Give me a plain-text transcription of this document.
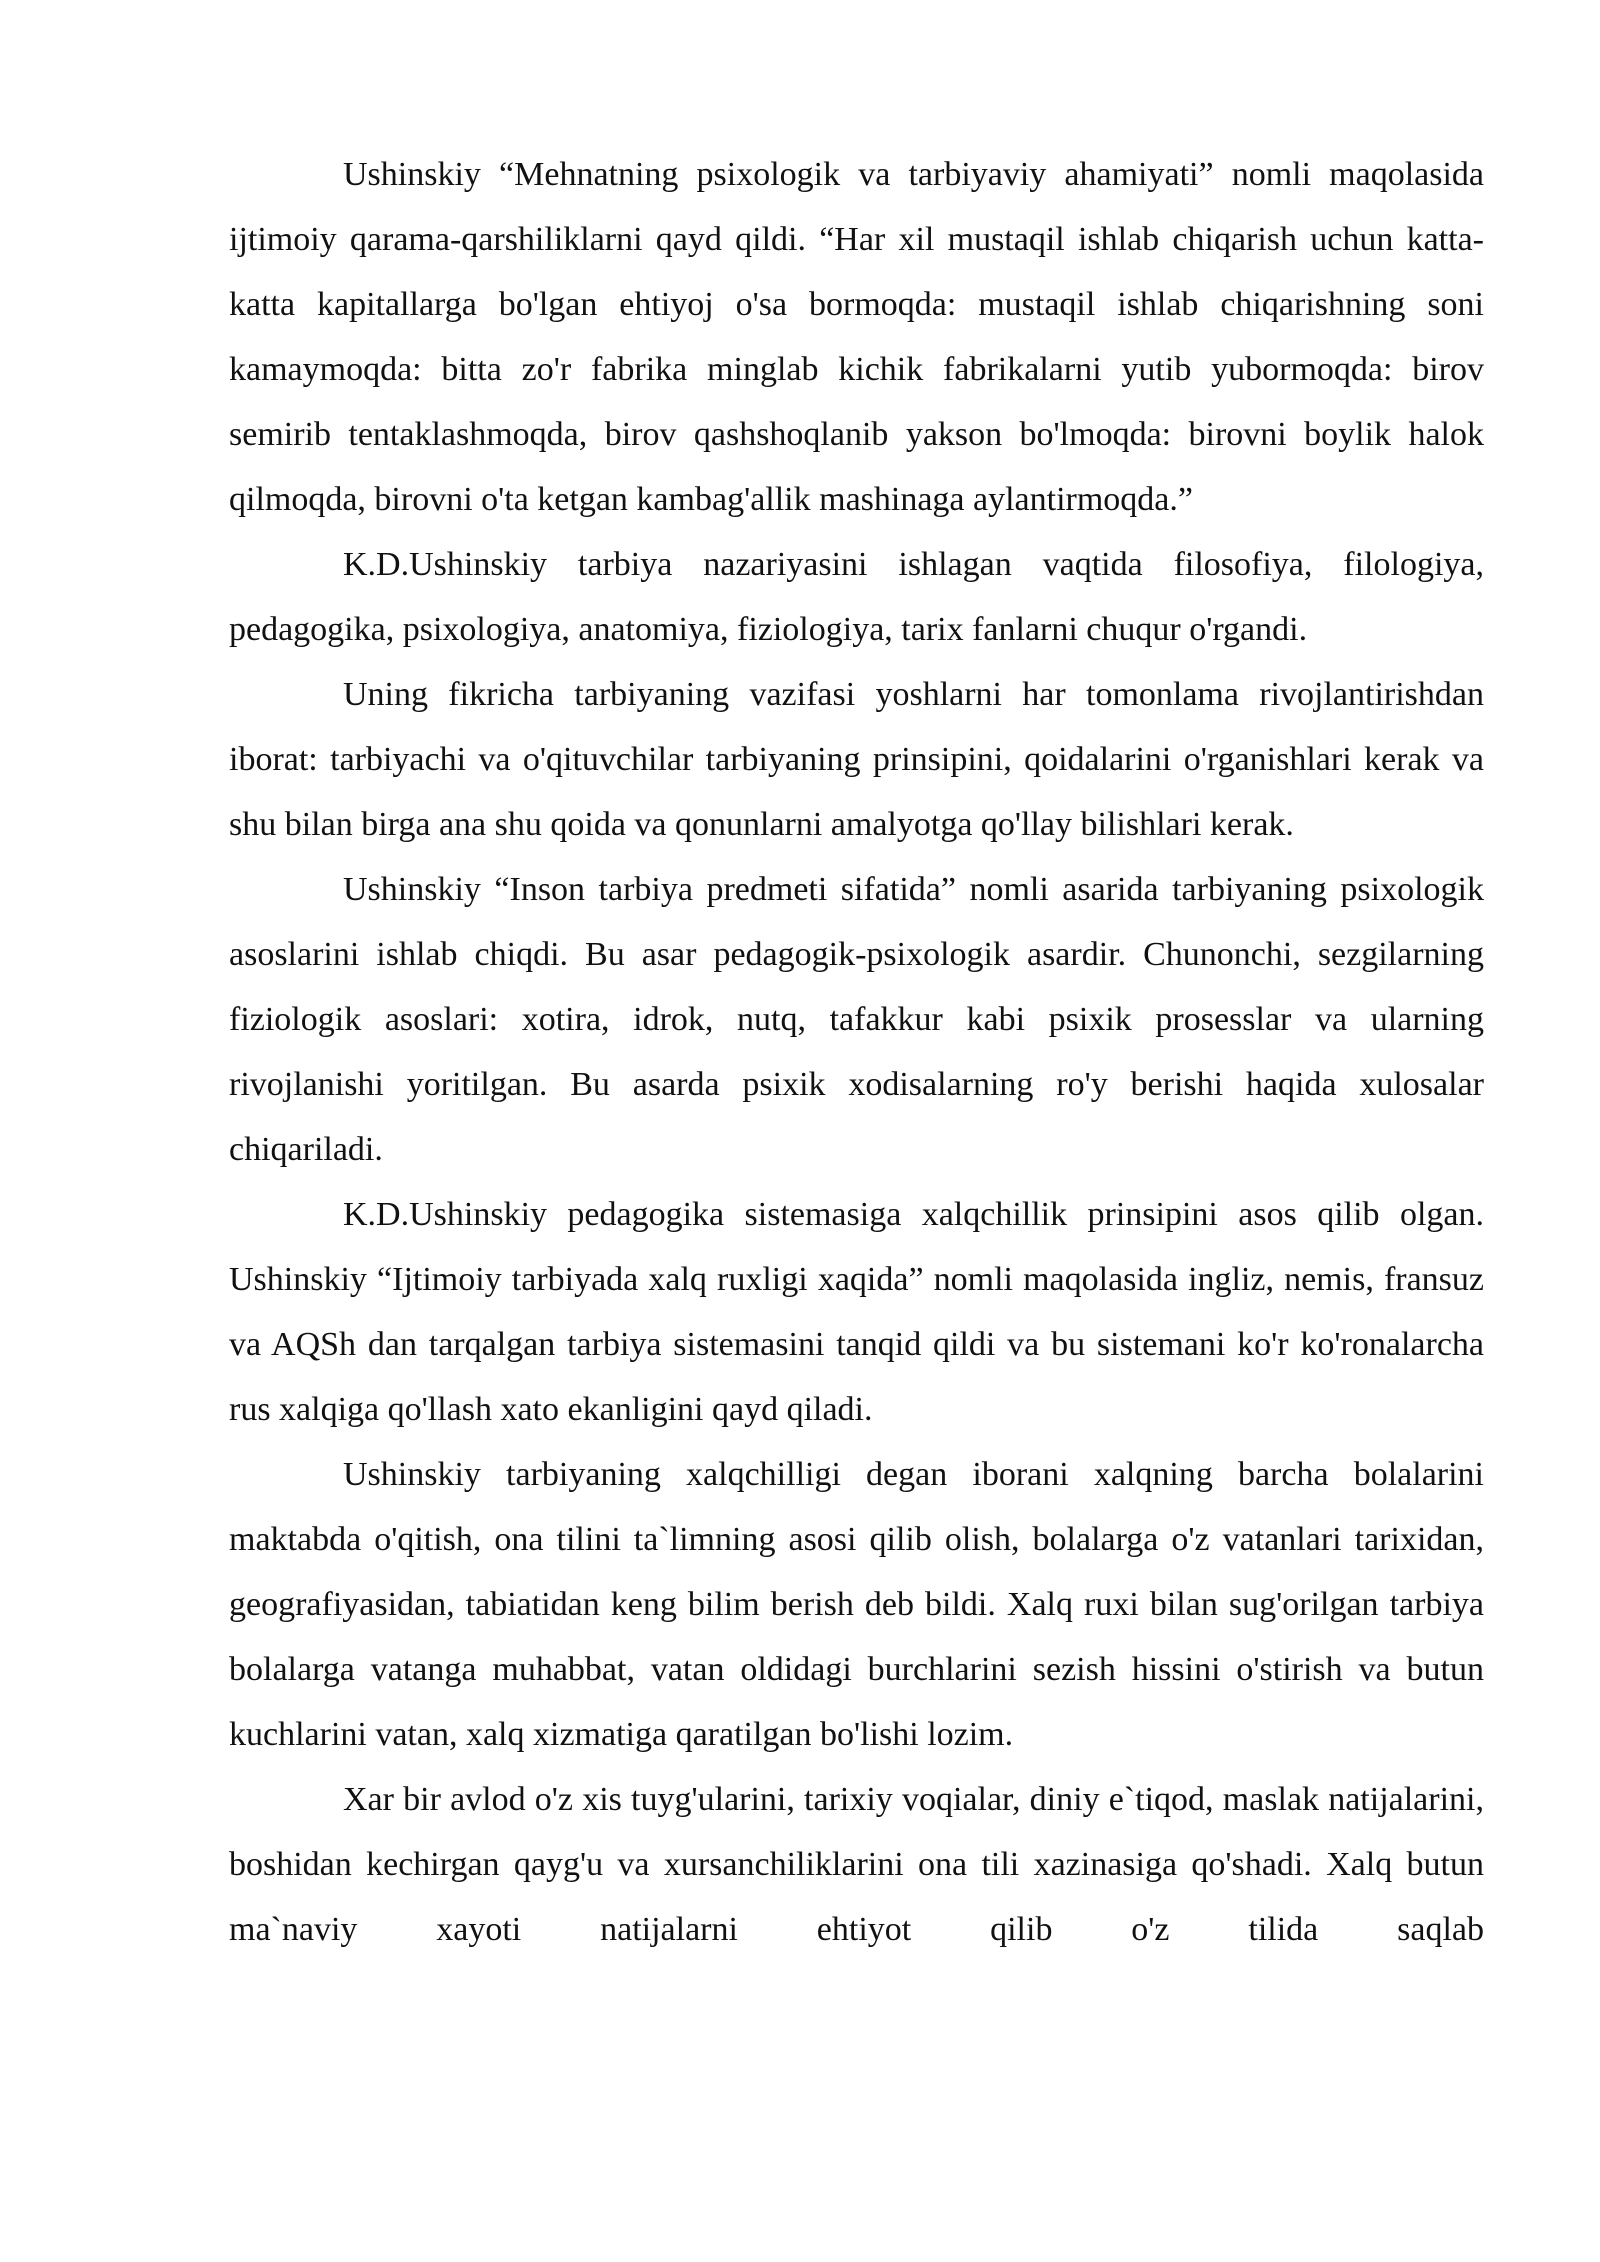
Ushinskiy “Mehnatning psixologik va tarbiyaviy ahamiyati” nomli maqolasida ijtimoiy qarama-qarshiliklarni qayd qildi. “Har xil mustaqil ishlab chiqarish uchun katta-katta kapitallarga bo'lgan ehtiyoj o'sa bormoqda: mustaqil ishlab chiqarishning soni kamaymoqda: bitta zo'r fabrika minglab kichik fabrikalarni yutib yubormoqda: birov semirib tentaklashmoqda, birov qashshoqlanib yakson bo'lmoqda: birovni boylik halok qilmoqda, birovni o'ta ketgan kambag'allik mashinaga aylantirmoqda.”

K.D.Ushinskiy tarbiya nazariyasini ishlagan vaqtida filosofiya, filologiya, pedagogika, psixologiya, anatomiya, fiziologiya, tarix fanlarni chuqur o'rgandi.

Uning fikricha tarbiyaning vazifasi yoshlarni har tomonlama rivojlantirishdan iborat: tarbiyachi va o'qituvchilar tarbiyaning prinsipini, qoidalarini o'rganishlari kerak va shu bilan birga ana shu qoida va qonunlarni amalyotga qo'llay bilishlari kerak.

Ushinskiy “Inson tarbiya predmeti sifatida” nomli asarida tarbiyaning psixologik asoslarini ishlab chiqdi. Bu asar pedagogik-psixologik asardir. Chunonchi, sezgilarning fiziologik asoslari: xotira, idrok, nutq, tafakkur kabi psixik prosesslar va ularning rivojlanishi yoritilgan. Bu asarda psixik xodisalarning ro'y berishi haqida xulosalar chiqariladi.

K.D.Ushinskiy pedagogika sistemasiga xalqchillik prinsipini asos qilib olgan. Ushinskiy “Ijtimoiy tarbiyada xalq ruxligi xaqida” nomli maqolasida ingliz, nemis, fransuz va AQSh dan tarqalgan tarbiya sistemasini tanqid qildi va bu sistemani ko'r ko'ronalarcha rus xalqiga qo'llash xato ekanligini qayd qiladi.

Ushinskiy tarbiyaning xalqchilligi degan iborani xalqning barcha bolalarini maktabda o'qitish, ona tilini ta`limning asosi qilib olish, bolalarga o'z vatanlari tarixidan, geografiyasidan, tabiatidan keng bilim berish deb bildi. Xalq ruxi bilan sug'orilgan tarbiya bolalarga vatanga muhabbat, vatan oldidagi burchlarini sezish hissini o'stirish va butun kuchlarini vatan, xalq xizmatiga qaratilgan bo'lishi lozim.

Xar bir avlod o'z xis tuyg'ularini, tarixiy voqialar, diniy e`tiqod, maslak natijalarini, boshidan kechirgan qayg'u va xursanchiliklarini ona tili xazinasiga qo'shadi. Xalq butun ma`naviy xayoti natijalarni ehtiyot qilib o'z tilida saqlab
